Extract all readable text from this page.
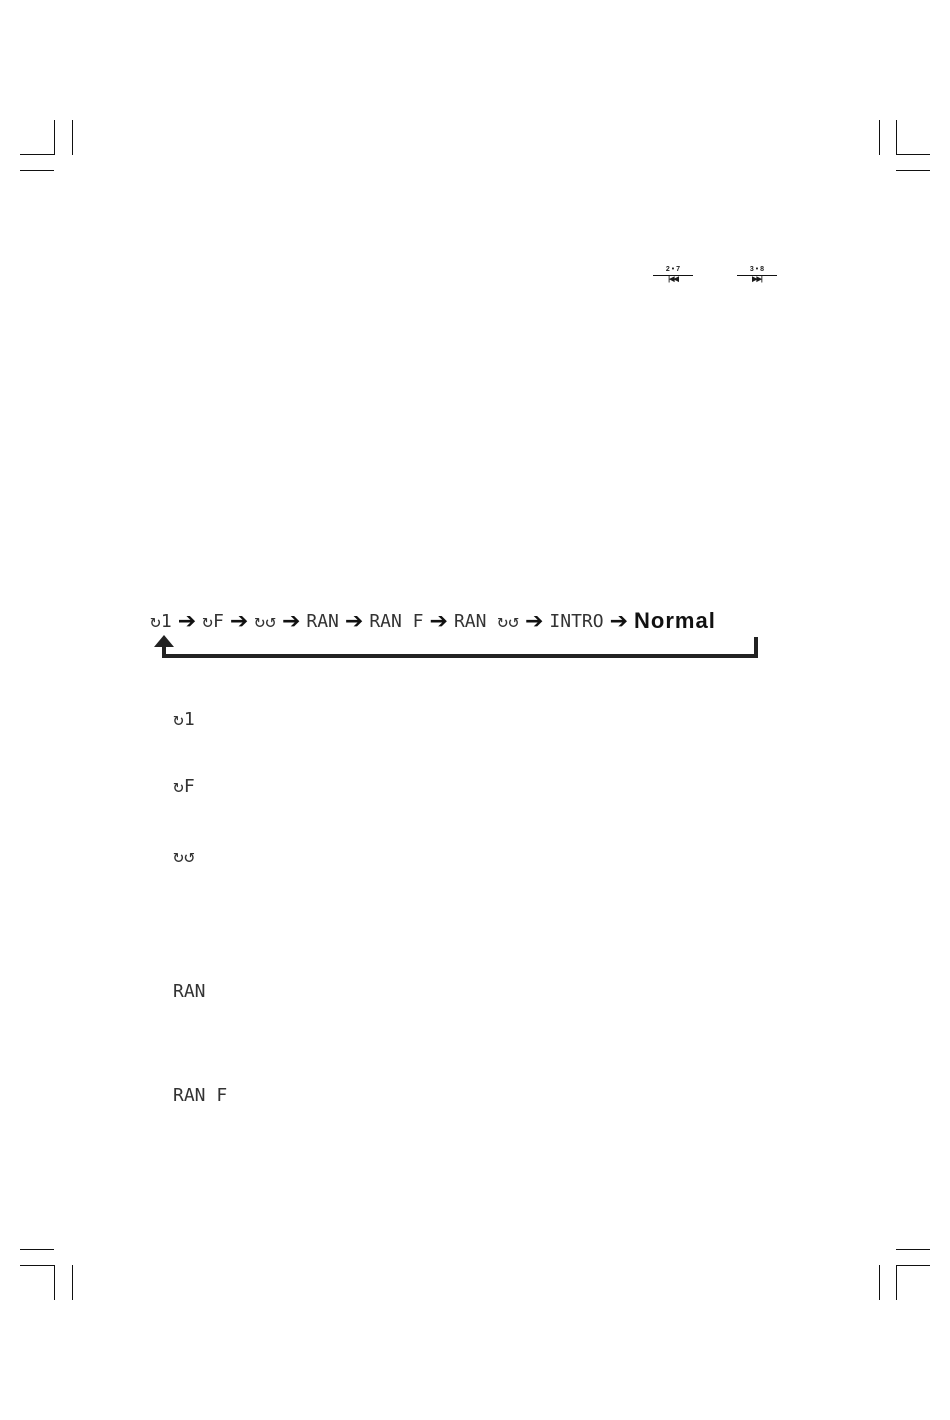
2 • 7
|◀◀
3 • 8
▶▶|
↻1 ➔ ↻F ➔ ↻↺ ➔ RAN ➔ RAN F ➔ RAN ↻↺ ➔ INTRO ➔ Normal
↻1
↻F
↻↺
RAN
RAN F
